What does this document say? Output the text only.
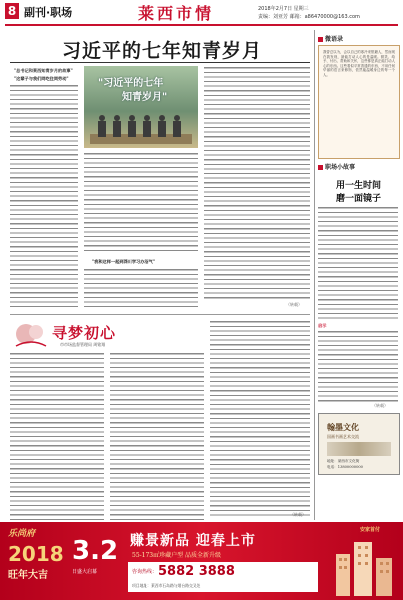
8 副刊·职场	莱西市情	2018年2月7日 星期三
责编：刘亚芳 邮箱：a86470000@163.com
习近平的七年知青岁月
"总书记和莱西知青岁月的故事"
"这辈子与我们同吃住同劳动"	"习近平的七年
知青岁月"
"我和这样一起到莽川学习办沼气"
（转载）
微语录
我曾总以为，会以自己的寒冷来慰藉人，然而现在我发现，最能打动人心的是温暖。微笑、给予、付出、帮助和关怀，这些都是真正能打动人心的东西。这些看似平常普通的东西，不用任何华丽的语言来修饰，依然能温暖身边的每一个人。
职场小故事
用一生时间
磨一面镜子
启示
（转载）
翰墨文化
国画书画艺术交流
地址：莱西市文化街
电话：13800000000
寻梦初心
市市场监督管理局 周铭翔
（转载）
乐尚府
2018
旺年大吉
3.2
日盛大启幕
赚景新品 迎春上市
55-173㎡珍藏户型 品质全新升级
咨询热线： 5882 3888
项目地址：莱西市石岛路与烟台路交叉处
安家首付
